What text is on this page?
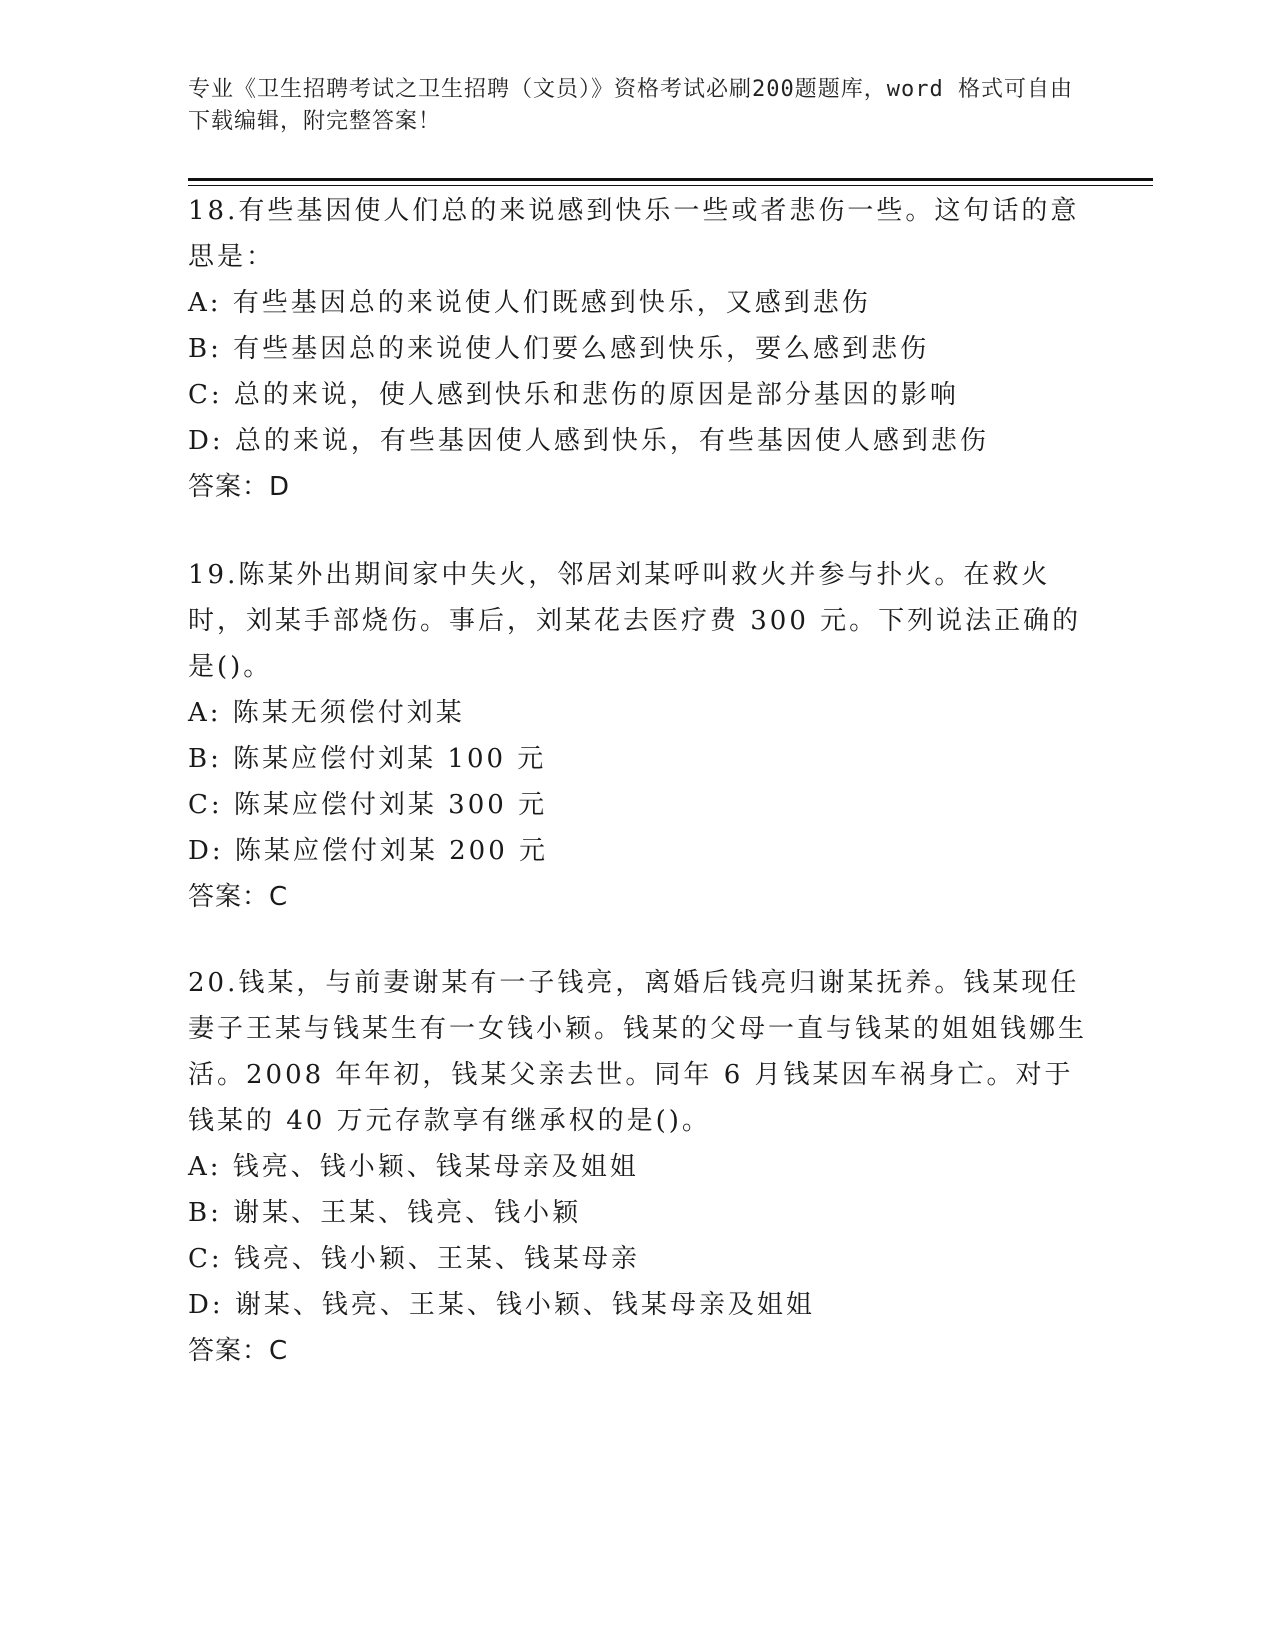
专业《卫生招聘考试之卫生招聘（文员）》资格考试必刷200题题库，word 格式可自由下载编辑，附完整答案！

18.有些基因使人们总的来说感到快乐一些或者悲伤一些。这句话的意思是：

A: 有些基因总的来说使人们既感到快乐，又感到悲伤

B: 有些基因总的来说使人们要么感到快乐，要么感到悲伤

C: 总的来说，使人感到快乐和悲伤的原因是部分基因的影响

D: 总的来说，有些基因使人感到快乐，有些基因使人感到悲伤

答案：D

19.陈某外出期间家中失火，邻居刘某呼叫救火并参与扑火。在救火时，刘某手部烧伤。事后，刘某花去医疗费 300 元。下列说法正确的是()。

A: 陈某无须偿付刘某

B: 陈某应偿付刘某 100 元

C: 陈某应偿付刘某 300 元

D: 陈某应偿付刘某 200 元

答案：C

20.钱某，与前妻谢某有一子钱亮，离婚后钱亮归谢某抚养。钱某现任妻子王某与钱某生有一女钱小颖。钱某的父母一直与钱某的姐姐钱娜生活。2008 年年初，钱某父亲去世。同年 6 月钱某因车祸身亡。对于钱某的 40 万元存款享有继承权的是()。

A: 钱亮、钱小颖、钱某母亲及姐姐

B: 谢某、王某、钱亮、钱小颖

C: 钱亮、钱小颖、王某、钱某母亲

D: 谢某、钱亮、王某、钱小颖、钱某母亲及姐姐

答案：C
